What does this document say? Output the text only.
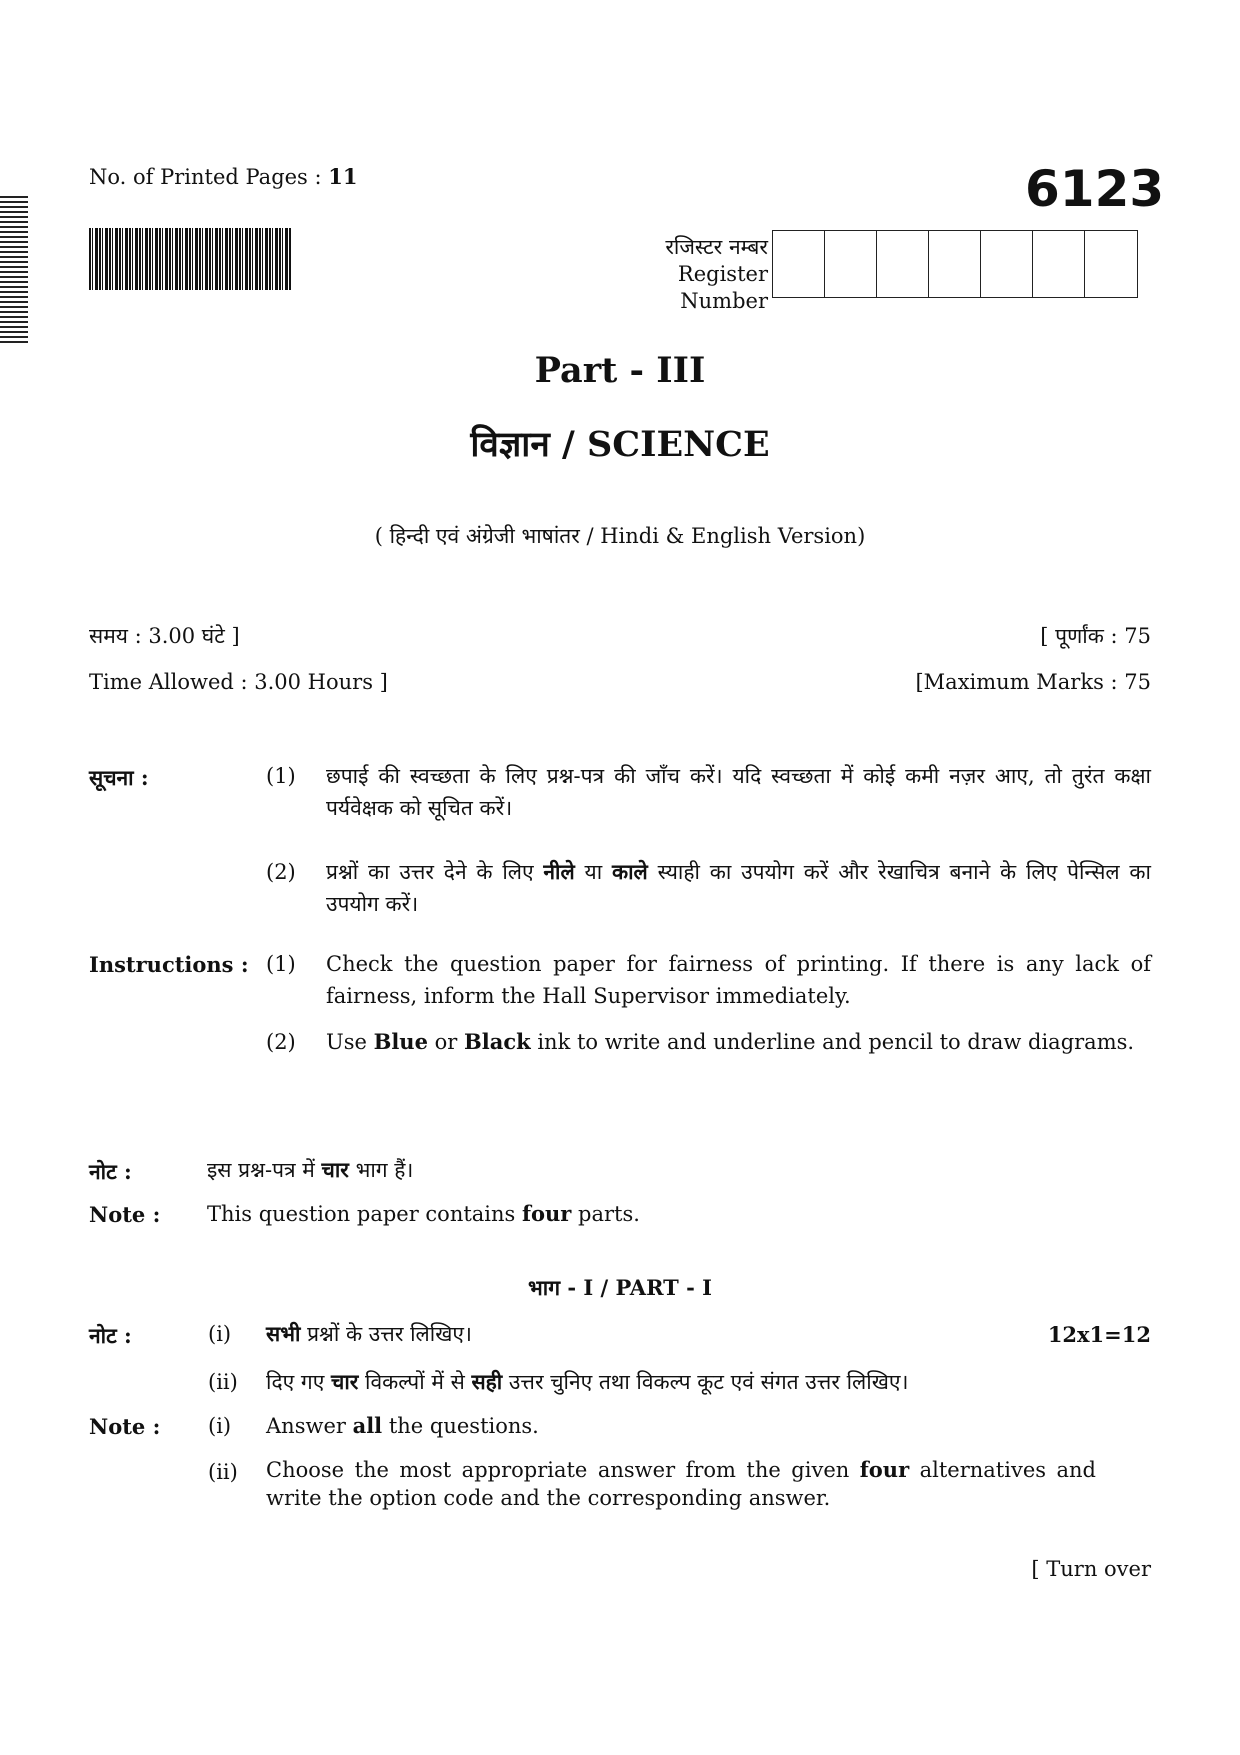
No. of Printed Pages : 11	6123
रजिस्टर नम्बर
Register
Number
Part - III
विज्ञान / SCIENCE
( हिन्दी एवं अंग्रेजी भाषांतर / Hindi & English Version)
समय : 3.00 घंटे ]	[ पूर्णांक : 75
Time Allowed : 3.00 Hours ]	[Maximum Marks : 75
सूचना :	(1) छपाई की स्वच्छता के लिए प्रश्न-पत्र की जाँच करें। यदि स्वच्छता में कोई कमी नज़र आए, तो तुरंत कक्षा पर्यवेक्षक को सूचित करें।
(2) प्रश्नों का उत्तर देने के लिए नीले या काले स्याही का उपयोग करें और रेखाचित्र बनाने के लिए पेन्सिल का उपयोग करें।
Instructions : (1) Check the question paper for fairness of printing. If there is any lack of fairness, inform the Hall Supervisor immediately.
(2) Use Blue or Black ink to write and underline and pencil to draw diagrams.
नोट :	इस प्रश्न-पत्र में चार भाग हैं।
Note : This question paper contains four parts.
भाग - I / PART - I
12x1=12
नोट :	(i) सभी प्रश्नों के उत्तर लिखिए।
(ii) दिए गए चार विकल्पों में से सही उत्तर चुनिए तथा विकल्प कूट एवं संगत उत्तर लिखिए।
Note : (i) Answer all the questions.
(ii) Choose the most appropriate answer from the given four alternatives and write the option code and the corresponding answer.
[ Turn over
